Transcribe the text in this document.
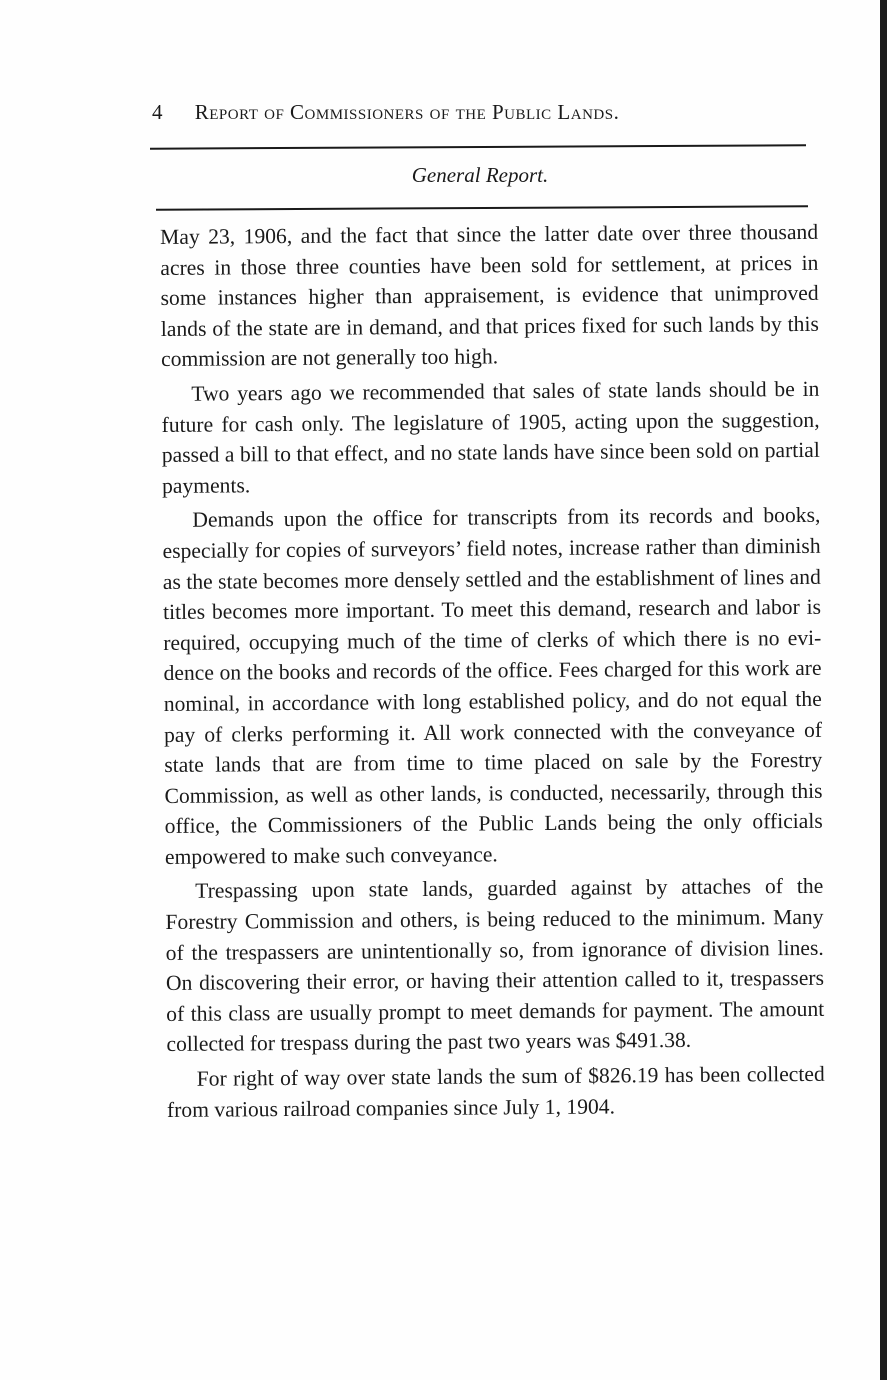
4 Report of Commissioners of the Public Lands.
General Report.

May 23, 1906, and the fact that since the latter date over three thousand acres in those three counties have been sold for settlement, at prices in some instances higher than appraisement, is evidence that unimproved lands of the state are in demand, and that prices fixed for such lands by this commission are not generally too high.

Two years ago we recommended that sales of state lands should be in future for cash only. The legislature of 1905, acting upon the suggestion, passed a bill to that effect, and no state lands have since been sold on partial payments.

Demands upon the office for transcripts from its records and books, especially for copies of surveyors’ field notes, increase rather than diminish as the state becomes more densely settled and the establishment of lines and titles becomes more important. To meet this demand, research and labor is required, occupying much of the time of clerks of which there is no evidence on the books and records of the office. Fees charged for this work are nominal, in accordance with long established policy, and do not equal the pay of clerks performing it. All work connected with the conveyance of state lands that are from time to time placed on sale by the Forestry Commission, as well as other lands, is conducted, necessarily, through this office, the Commissioners of the Public Lands being the only officials empowered to make such conveyance.

Trespassing upon state lands, guarded against by attaches of the Forestry Commission and others, is being reduced to the minimum. Many of the trespassers are unintentionally so, from ignorance of division lines. On discovering their error, or having their attention called to it, trespassers of this class are usually prompt to meet demands for payment. The amount collected for trespass during the past two years was $491.38.

For right of way over state lands the sum of $826.19 has been collected from various railroad companies since July 1, 1904.
